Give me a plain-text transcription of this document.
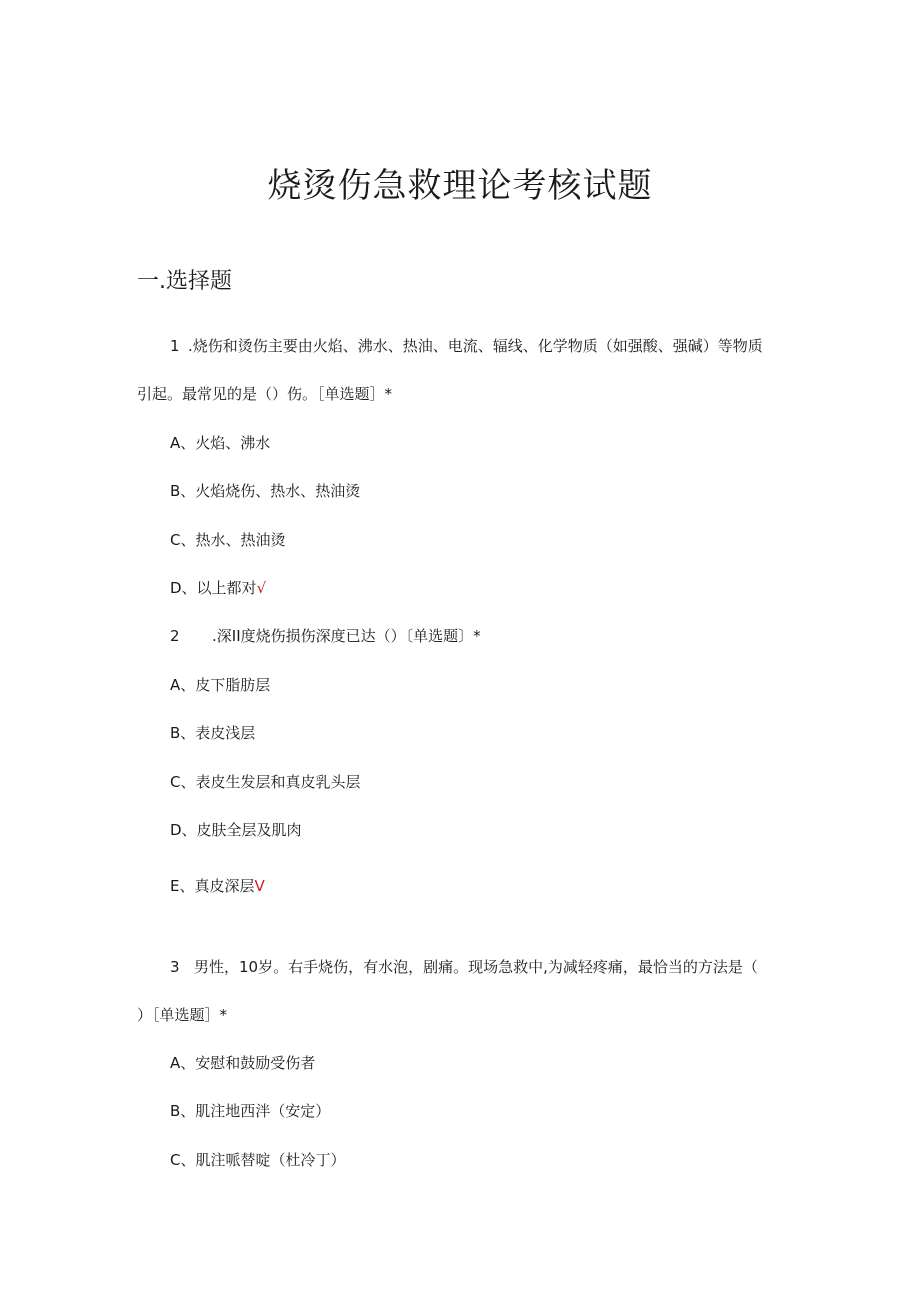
烧烫伤急救理论考核试题
一.选择题
1 .烧伤和烫伤主要由火焰、沸水、热油、电流、辐线、化学物质（如强酸、强碱）等物质
引起。最常见的是（）伤。［单选题］*
A、火焰、沸水
B、火焰烧伤、热水、热油烫
C、热水、热油烫
D、以上都对√
2 .深II度烧伤损伤深度已达（）〔单选题〕*
A、皮下脂肪层
B、表皮浅层
C、表皮生发层和真皮乳头层
D、皮肤全层及肌肉
E、真皮深层V
3 男性，10岁。右手烧伤，有水泡，剧痛。现场急救中,为减轻疼痛，最恰当的方法是（
）［单选题］*
A、安慰和鼓励受伤者
B、肌注地西泮（安定）
C、肌注哌替啶（杜冷丁）
